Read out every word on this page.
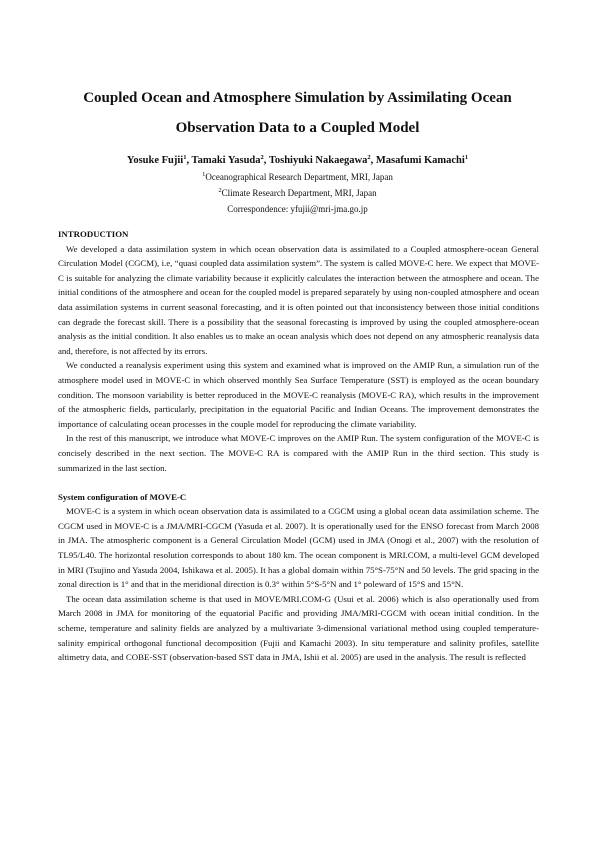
Coupled Ocean and Atmosphere Simulation by Assimilating Ocean
Observation Data to a Coupled Model
Yosuke Fujii$^1$, Tamaki Yasuda$^2$, Toshiyuki Nakaegawa$^2$, Masafumi Kamachi$^1$
$^1$Oceanographical Research Department, MRI, Japan
$^2$Climate Research Department, MRI, Japan
Correspondence: yfujii@mri-jma.go.jp
INTRODUCTION

We developed a data assimilation system in which ocean observation data is assimilated to a Coupled atmosphere-ocean General Circulation Model (CGCM), i.e, “quasi coupled data assimilation system”. The system is called MOVE-C here. We expect that MOVE-C is suitable for analyzing the climate variability because it explicitly calculates the interaction between the atmosphere and ocean. The initial conditions of the atmosphere and ocean for the coupled model is prepared separately by using non-coupled atmosphere and ocean data assimilation systems in current seasonal forecasting, and it is often pointed out that inconsistency between those initial conditions can degrade the forecast skill. There is a possibility that the seasonal forecasting is improved by using the coupled atmosphere-ocean analysis as the initial condition. It also enables us to make an ocean analysis which does not depend on any atmospheric reanalysis data and, therefore, is not affected by its errors.

We conducted a reanalysis experiment using this system and examined what is improved on the AMIP Run, a simulation run of the atmosphere model used in MOVE-C in which observed monthly Sea Surface Temperature (SST) is employed as the ocean boundary condition. The monsoon variability is better reproduced in the MOVE-C reanalysis (MOVE-C RA), which results in the improvement of the atmospheric fields, particularly, precipitation in the equatorial Pacific and Indian Oceans. The improvement demonstrates the importance of calculating ocean processes in the couple model for reproducing the climate variability.

In the rest of this manuscript, we introduce what MOVE-C improves on the AMIP Run. The system configuration of the MOVE-C is concisely described in the next section. The MOVE-C RA is compared with the AMIP Run in the third section. This study is summarized in the last section.

System configuration of MOVE-C

MOVE-C is a system in which ocean observation data is assimilated to a CGCM using a global ocean data assimilation scheme. The CGCM used in MOVE-C is a JMA/MRI-CGCM (Yasuda et al. 2007). It is operationally used for the ENSO forecast from March 2008 in JMA. The atmospheric component is a General Circulation Model (GCM) used in JMA (Onogi et al., 2007) with the resolution of TL95/L40. The horizontal resolution corresponds to about 180 km. The ocean component is MRI.COM, a multi-level GCM developed in MRI (Tsujino and Yasuda 2004, Ishikawa et al. 2005). It has a global domain within 75°S-75°N and 50 levels. The grid spacing in the zonal direction is 1° and that in the meridional direction is 0.3° within 5°S-5°N and 1° poleward of 15°S and 15°N.

The ocean data assimilation scheme is that used in MOVE/MRI.COM-G (Usui et al. 2006) which is also operationally used from March 2008 in JMA for monitoring of the equatorial Pacific and providing JMA/MRI-CGCM with ocean initial condition. In the scheme, temperature and salinity fields are analyzed by a multivariate 3-dimensional variational method using coupled temperature-salinity empirical orthogonal functional decomposition (Fujii and Kamachi 2003). In situ temperature and salinity profiles, satellite altimetry data, and COBE-SST (observation-based SST data in JMA, Ishii et al. 2005) are used in the analysis. The result is reflected
